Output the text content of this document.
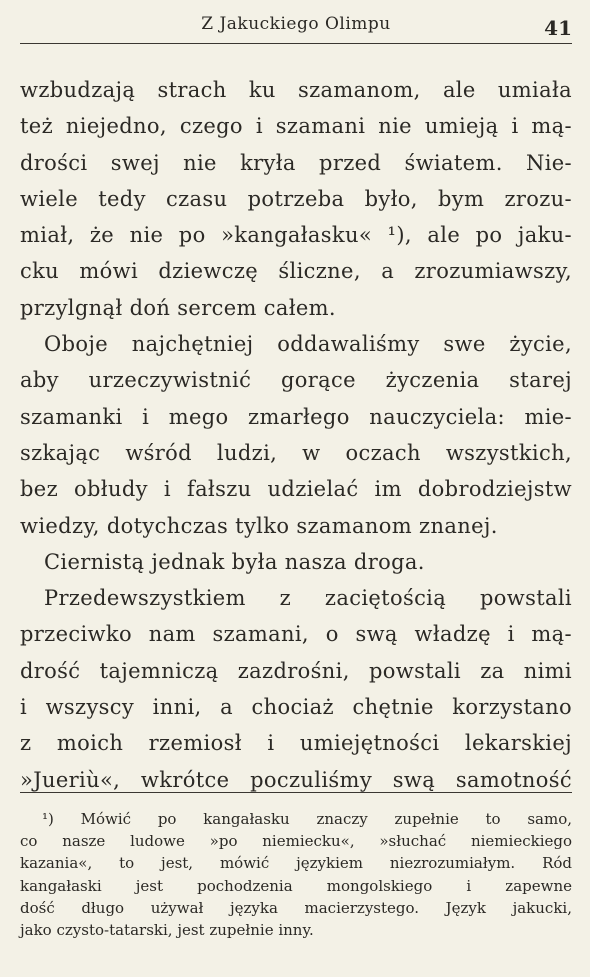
Z Jakuckiego Olimpu	41
wzbudzają strach ku szamanom, ale umiała
też niejedno, czego i szamani nie umieją i mą-
drości swej nie kryła przed światem. Nie-
wiele tedy czasu potrzeba było, bym zrozu-
miał, że nie po »kangałasku« ¹), ale po jaku-
cku mówi dziewczę śliczne, a zrozumiawszy,
przylgnął doń sercem całem.
Oboje najchętniej oddawaliśmy swe życie,
aby urzeczywistnić gorące życzenia starej
szamanki i mego zmarłego nauczyciela: mie-
szkając wśród ludzi, w oczach wszystkich,
bez obłudy i fałszu udzielać im dobrodziejstw
wiedzy, dotychczas tylko szamanom znanej.
Ciernistą jednak była nasza droga.
Przedewszystkiem z zaciętością powstali
przeciwko nam szamani, o swą władzę i mą-
drość tajemniczą zazdrośni, powstali za nimi
i wszyscy inni, a chociaż chętnie korzystano
z moich rzemiosł i umiejętności lekarskiej
»Jueriù«, wkrótce poczuliśmy swą samotność
¹) Mówić po kangałasku znaczy zupełnie to samo,
co nasze ludowe »po niemiecku«, »słuchać niemieckiego
kazania«, to jest, mówić językiem niezrozumiałym. Ród
kangałaski jest pochodzenia mongolskiego i zapewne
dość długo używał języka macierzystego. Język jakucki,
jako czysto-tatarski, jest zupełnie inny.
